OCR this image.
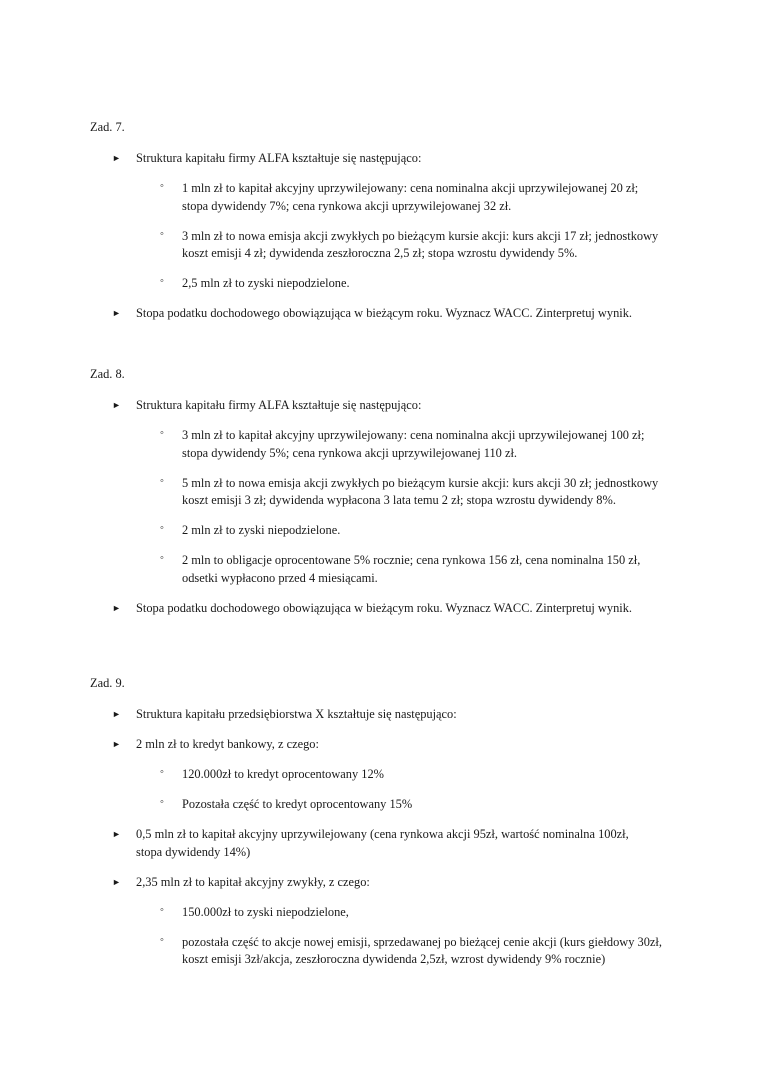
Zad. 7.

► Struktura kapitału firmy ALFA kształtuje się następująco:

◦ 1 mln zł to kapitał akcyjny uprzywilejowany: cena nominalna akcji uprzywilejowanej 20 zł; stopa dywidendy 7%; cena rynkowa akcji uprzywilejowanej 32 zł.

◦ 3 mln zł to nowa emisja akcji zwykłych po bieżącym kursie akcji: kurs akcji 17 zł; jednostkowy koszt emisji 4 zł; dywidenda zeszłoroczna 2,5 zł; stopa wzrostu dywidendy 5%.

◦ 2,5 mln zł to zyski niepodzielone.

► Stopa podatku dochodowego obowiązująca w bieżącym roku. Wyznacz WACC. Zinterpretuj wynik.

Zad. 8.

► Struktura kapitału firmy ALFA kształtuje się następująco:

◦ 3 mln zł to kapitał akcyjny uprzywilejowany: cena nominalna akcji uprzywilejowanej 100 zł; stopa dywidendy 5%; cena rynkowa akcji uprzywilejowanej 110 zł.

◦ 5 mln zł to nowa emisja akcji zwykłych po bieżącym kursie akcji: kurs akcji 30 zł; jednostkowy koszt emisji 3 zł; dywidenda wypłacona 3 lata temu 2 zł; stopa wzrostu dywidendy 8%.

◦ 2 mln zł to zyski niepodzielone.

◦ 2 mln to obligacje oprocentowane 5% rocznie; cena rynkowa 156 zł, cena nominalna 150 zł, odsetki wypłacono przed 4 miesiącami.

► Stopa podatku dochodowego obowiązująca w bieżącym roku. Wyznacz WACC. Zinterpretuj wynik.

Zad. 9.

► Struktura kapitału przedsiębiorstwa X kształtuje się następująco:

► 2 mln zł to kredyt bankowy, z czego:

◦ 120.000zł to kredyt oprocentowany 12%

◦ Pozostała część to kredyt oprocentowany 15%

► 0,5 mln zł to kapitał akcyjny uprzywilejowany (cena rynkowa akcji 95zł, wartość nominalna 100zł, stopa dywidendy 14%)

► 2,35 mln zł to kapitał akcyjny zwykły, z czego:

◦ 150.000zł to zyski niepodzielone,

◦ pozostała część to akcje nowej emisji, sprzedawanej po bieżącej cenie akcji (kurs giełdowy 30zł, koszt emisji 3zł/akcja, zeszłoroczna dywidenda 2,5zł, wzrost dywidendy 9% rocznie)
